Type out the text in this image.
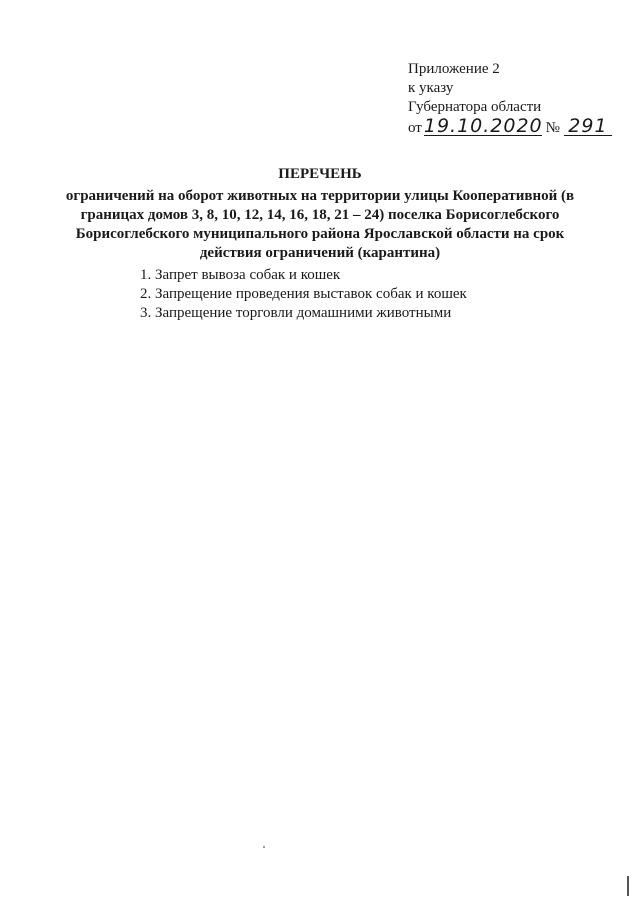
Приложение 2
к указу
Губернатора области
от 19.10.2020 № 291
ПЕРЕЧЕНЬ
ограничений на оборот животных на территории улицы Кооперативной (в границах домов 3, 8, 10, 12, 14, 16, 18, 21 – 24) поселка Борисоглебского Борисоглебского муниципального района Ярославской области на срок действия ограничений (карантина)
1. Запрет вывоза собак и кошек
2. Запрещение проведения выставок собак и кошек
3. Запрещение торговли домашними животными
